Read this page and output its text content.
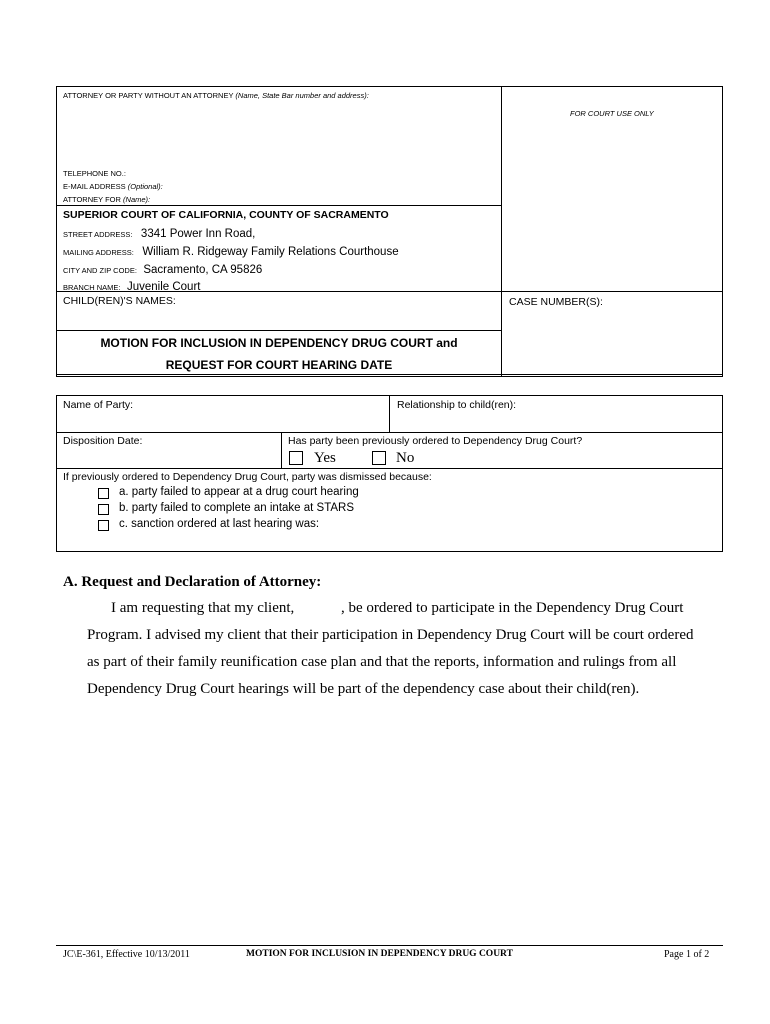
ATTORNEY OR PARTY WITHOUT AN ATTORNEY (Name, State Bar number and address):
FOR COURT USE ONLY
TELEPHONE NO.:
E-MAIL ADDRESS (Optional):
ATTORNEY FOR (Name):
SUPERIOR COURT OF CALIFORNIA, COUNTY OF SACRAMENTO
STREET ADDRESS: 3341 Power Inn Road,
MAILING ADDRESS: William R. Ridgeway Family Relations Courthouse
CITY AND ZIP CODE: Sacramento, CA 95826
BRANCH NAME: Juvenile Court
CHILD(REN)'S NAMES:	CASE NUMBER(S):
MOTION FOR INCLUSION IN DEPENDENCY DRUG COURT and
REQUEST FOR COURT HEARING DATE
Name of Party:	Relationship to child(ren):
Disposition Date:	Has party been previously ordered to Dependency Drug Court?
Yes	No
If previously ordered to Dependency Drug Court, party was dismissed because:
a. party failed to appear at a drug court hearing
b. party failed to complete an intake at STARS
c. sanction ordered at last hearing was:
A. Request and Declaration of Attorney:
I am requesting that my client,	, be ordered to participate in the Dependency Drug Court
Program. I advised my client that their participation in Dependency Drug Court will be court ordered
as part of their family reunification case plan and that the reports, information and rulings from all
Dependency Drug Court hearings will be part of the dependency case about their child(ren).
JC\E-361, Effective 10/13/2011	MOTION FOR INCLUSION IN DEPENDENCY DRUG COURT	Page 1 of 2
